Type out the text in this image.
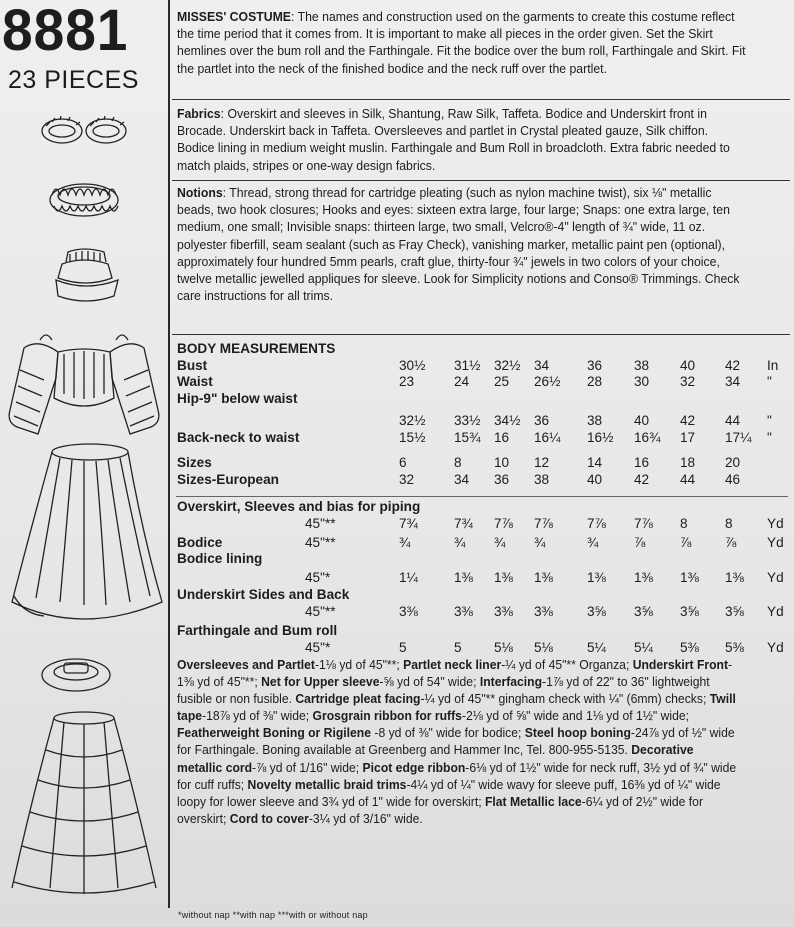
8881
23 PIECES
MISSES' COSTUME: The names and construction used on the garments to create this costume reflect the time period that it comes from. It is important to make all pieces in the order given. Set the Skirt hemlines over the bum roll and the Farthingale. Fit the bodice over the bum roll, Farthingale and Skirt. Fit the partlet into the neck of the finished bodice and the neck ruff over the partlet.
Fabrics: Overskirt and sleeves in Silk, Shantung, Raw Silk, Taffeta. Bodice and Underskirt front in Brocade. Underskirt back in Taffeta. Oversleeves and partlet in Crystal pleated gauze, Silk chiffon. Bodice lining in medium weight muslin. Farthingale and Bum Roll in broadcloth. Extra fabric needed to match plaids, stripes or one-way design fabrics.
Notions: Thread, strong thread for cartridge pleating (such as nylon machine twist), six ⅛" metallic beads, two hook closures; Hooks and eyes: sixteen extra large, four large; Snaps: one extra large, ten medium, one small; Invisible snaps: thirteen large, two small, Velcro®-4" length of ¾" wide, 11 oz. polyester fiberfill, seam sealant (such as Fray Check), vanishing marker, metallic paint pen (optional), approximately four hundred 5mm pearls, craft glue, thirty-four ¾" jewels in two colors of your choice, twelve metallic jewelled appliques for sleeve. Look for Simplicity notions and Conso® Trimmings. Check care instructions for all trims.
BODY MEASUREMENTS
Bust	30½	31½ 32½ 34	36	38	40	42	In
Waist	23	24	25	26½	28	30	32	34	"
Hip-9" below waist
32½	33½ 34½ 36	38	40	42	44	"
Back-neck to waist	15½	15¾ 16	16¼	16½	16¾	17	17¼	"
Sizes	6	8	10	12	14	16	18	20
Sizes-European	32	34	36	38	40	42	44	46
Overskirt, Sleeves and bias for piping
45"**	7¾	7¾	7⅞	7⅞	7⅞	7⅞	8	8	Yd
Bodice	45"**	¾	¾	¾	¾	¾	⅞	⅞	⅞	Yd
Bodice lining
45"*	1¼	1⅜	1⅜	1⅜	1⅜	1⅜	1⅜	1⅜	Yd
Underskirt Sides and Back
45"**	3⅜	3⅜	3⅜	3⅜	3⅝	3⅝	3⅝	3⅝	Yd
Farthingale and Bum roll
45"*	5	5	5⅛	5⅛	5¼	5¼	5⅜	5⅜	Yd
Oversleeves and Partlet-1⅛ yd of 45"**; Partlet neck liner-¼ yd of 45"** Organza; Underskirt Front-1⅜ yd of 45"**; Net for Upper sleeve-⅝ yd of 54" wide; Interfacing-1⅞ yd of 22" to 36" lightweight fusible or non fusible. Cartridge pleat facing-¼ yd of 45"** gingham check with ¼" (6mm) checks; Twill tape-18⅞ yd of ⅜" wide; Grosgrain ribbon for ruffs-2⅛ yd of ⅝" wide and 1⅛ yd of 1½" wide; Featherweight Boning or Rigilene -8 yd of ⅜" wide for bodice; Steel hoop boning-24⅞ yd of ½" wide for Farthingale. Boning available at Greenberg and Hammer Inc, Tel. 800-955-5135. Decorative metallic cord-⅞ yd of 1/16" wide; Picot edge ribbon-6⅛ yd of 1½" wide for neck ruff, 3½ yd of ¾" wide for cuff ruffs; Novelty metallic braid trims-4¼ yd of ¼" wide wavy for sleeve puff, 16⅜ yd of ¼" wide loopy for lower sleeve and 3¾ yd of 1" wide for overskirt; Flat Metallic lace-6¼ yd of 2½" wide for overskirt; Cord to cover-3¼ yd of 3/16" wide.
*without nap **with nap ***with or without nap
